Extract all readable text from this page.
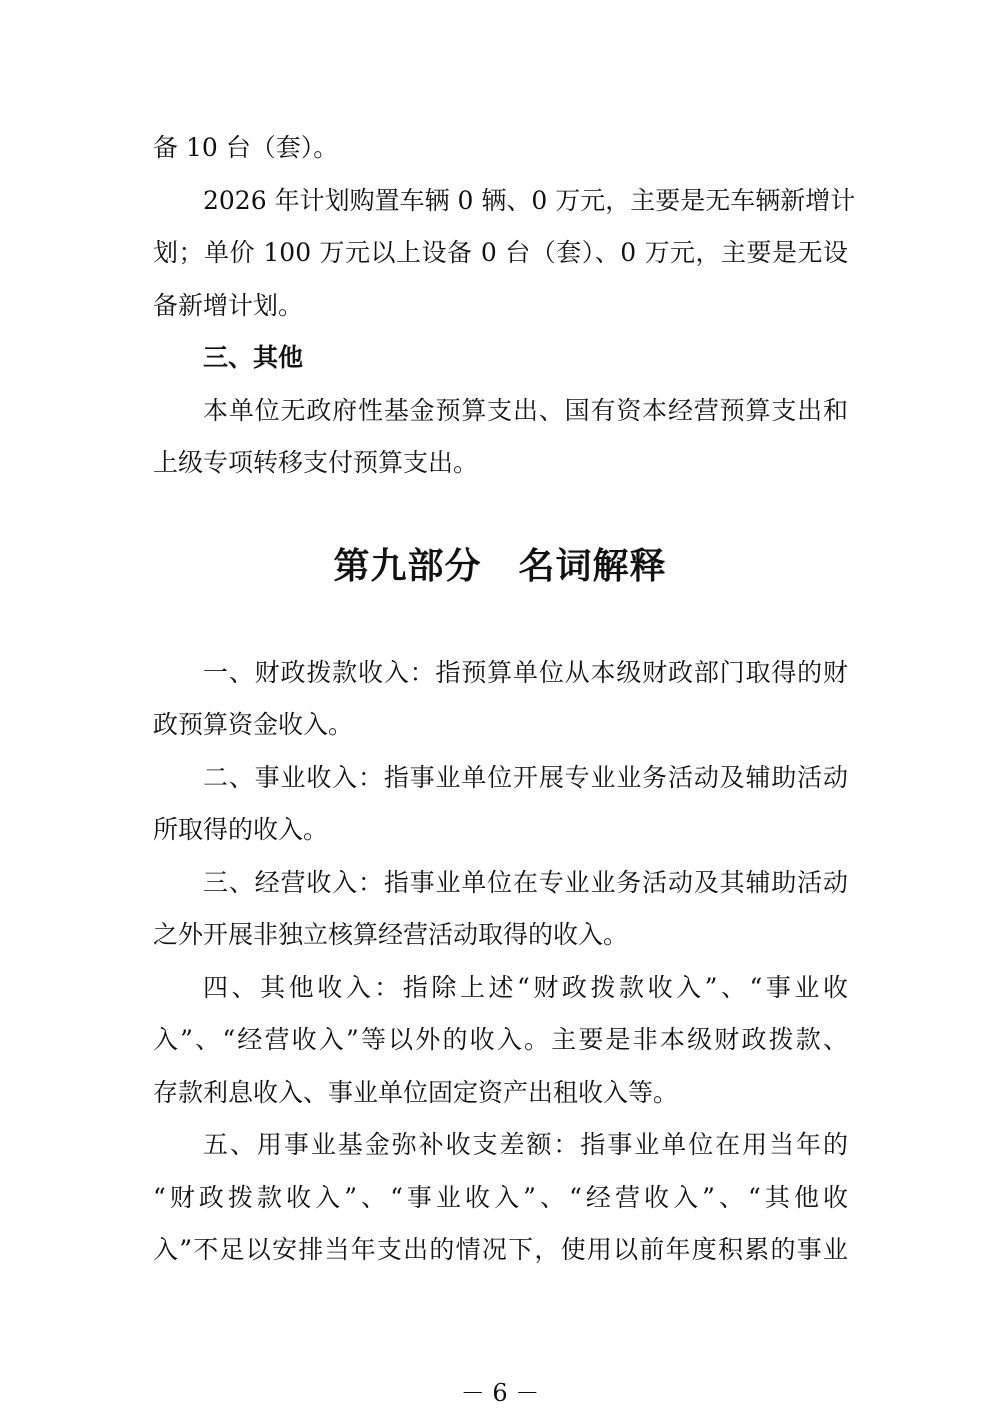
备 10 台（套）。
2026 年计划购置车辆 0 辆、0 万元，主要是无车辆新增计
划；单价 100 万元以上设备 0 台（套）、0 万元，主要是无设
备新增计划。
三、其他
本单位无政府性基金预算支出、国有资本经营预算支出和
上级专项转移支付预算支出。
第九部分　名词解释
一、财政拨款收入：指预算单位从本级财政部门取得的财
政预算资金收入。
二、事业收入：指事业单位开展专业业务活动及辅助活动
所取得的收入。
三、经营收入：指事业单位在专业业务活动及其辅助活动
之外开展非独立核算经营活动取得的收入。
四、其他收入：指除上述“财政拨款收入”、“事业收
入”、“经营收入”等以外的收入。主要是非本级财政拨款、
存款利息收入、事业单位固定资产出租收入等。
五、用事业基金弥补收支差额：指事业单位在用当年的
“财政拨款收入”、“事业收入”、“经营收入”、“其他收
入”不足以安排当年支出的情况下，使用以前年度积累的事业
－ 6 －
